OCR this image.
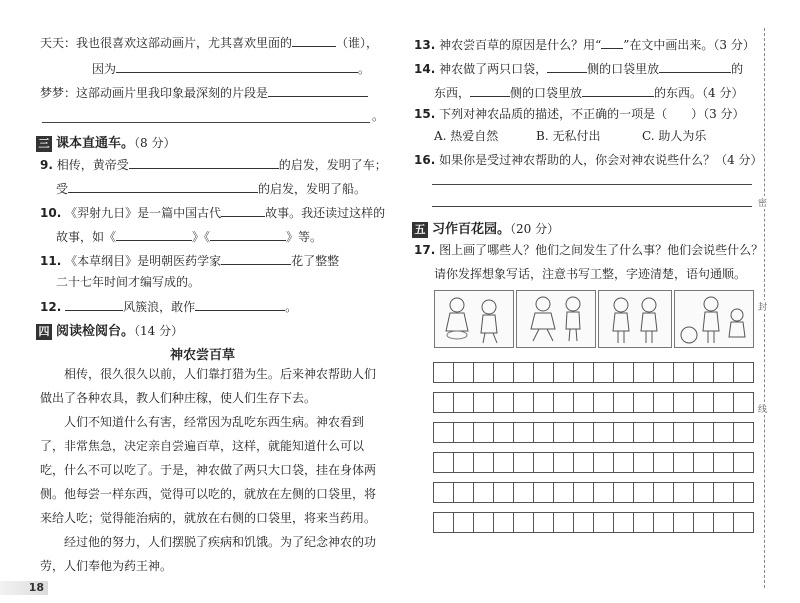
天天：我也很喜欢这部动画片，尤其喜欢里面的	（谁），
因为	。
梦梦：这部动画片里我印象最深刻的片段是
。
三 课本直通车。（8 分）
9. 相传，黄帝受	的启发，发明了车；
受	的启发，发明了船。
10. 《羿射九日》是一篇中国古代	故事。我还读过这样的
故事，如《	》《	》等。
11. 《本草纲目》是明朝医药学家	花了整整
二十七年时间才编写成的。
12.	风簇浪，敢作	。
四 阅读检阅台。（14 分）
神农尝百草
相传，很久很久以前，人们靠打猎为生。后来神农帮助人们做出了各种农具，教人们种庄稼，使人们生存下去。
人们不知道什么有害，经常因为乱吃东西生病。神农看到了，非常焦急，决定亲自尝遍百草，这样，就能知道什么可以吃，什么不可以吃了。于是，神农做了两只大口袋，挂在身体两侧。他每尝一样东西，觉得可以吃的，就放在左侧的口袋里，将来给人吃；觉得能治病的，就放在右侧的口袋里，将来当药用。
经过他的努力，人们摆脱了疾病和饥饿。为了纪念神农的功劳，人们奉他为药王神。
18
13. 神农尝百草的原因是什么？用“ ”在文中画出来。（3 分）
14. 神农做了两只口袋，	侧的口袋里放	的
东西，	侧的口袋里放	的东西。（4 分）
15. 下列对神农品质的描述，不正确的一项是（　　）（3 分）
A. 热爱自然	B. 无私付出	C. 助人为乐
16. 如果你是受过神农帮助的人，你会对神农说些什么？（4 分）
五 习作百花园。（20 分）
17. 图上画了哪些人？他们之间发生了什么事？他们会说些什么？
请你发挥想象写话，注意书写工整，字迹清楚，语句通顺。
密
封
线
